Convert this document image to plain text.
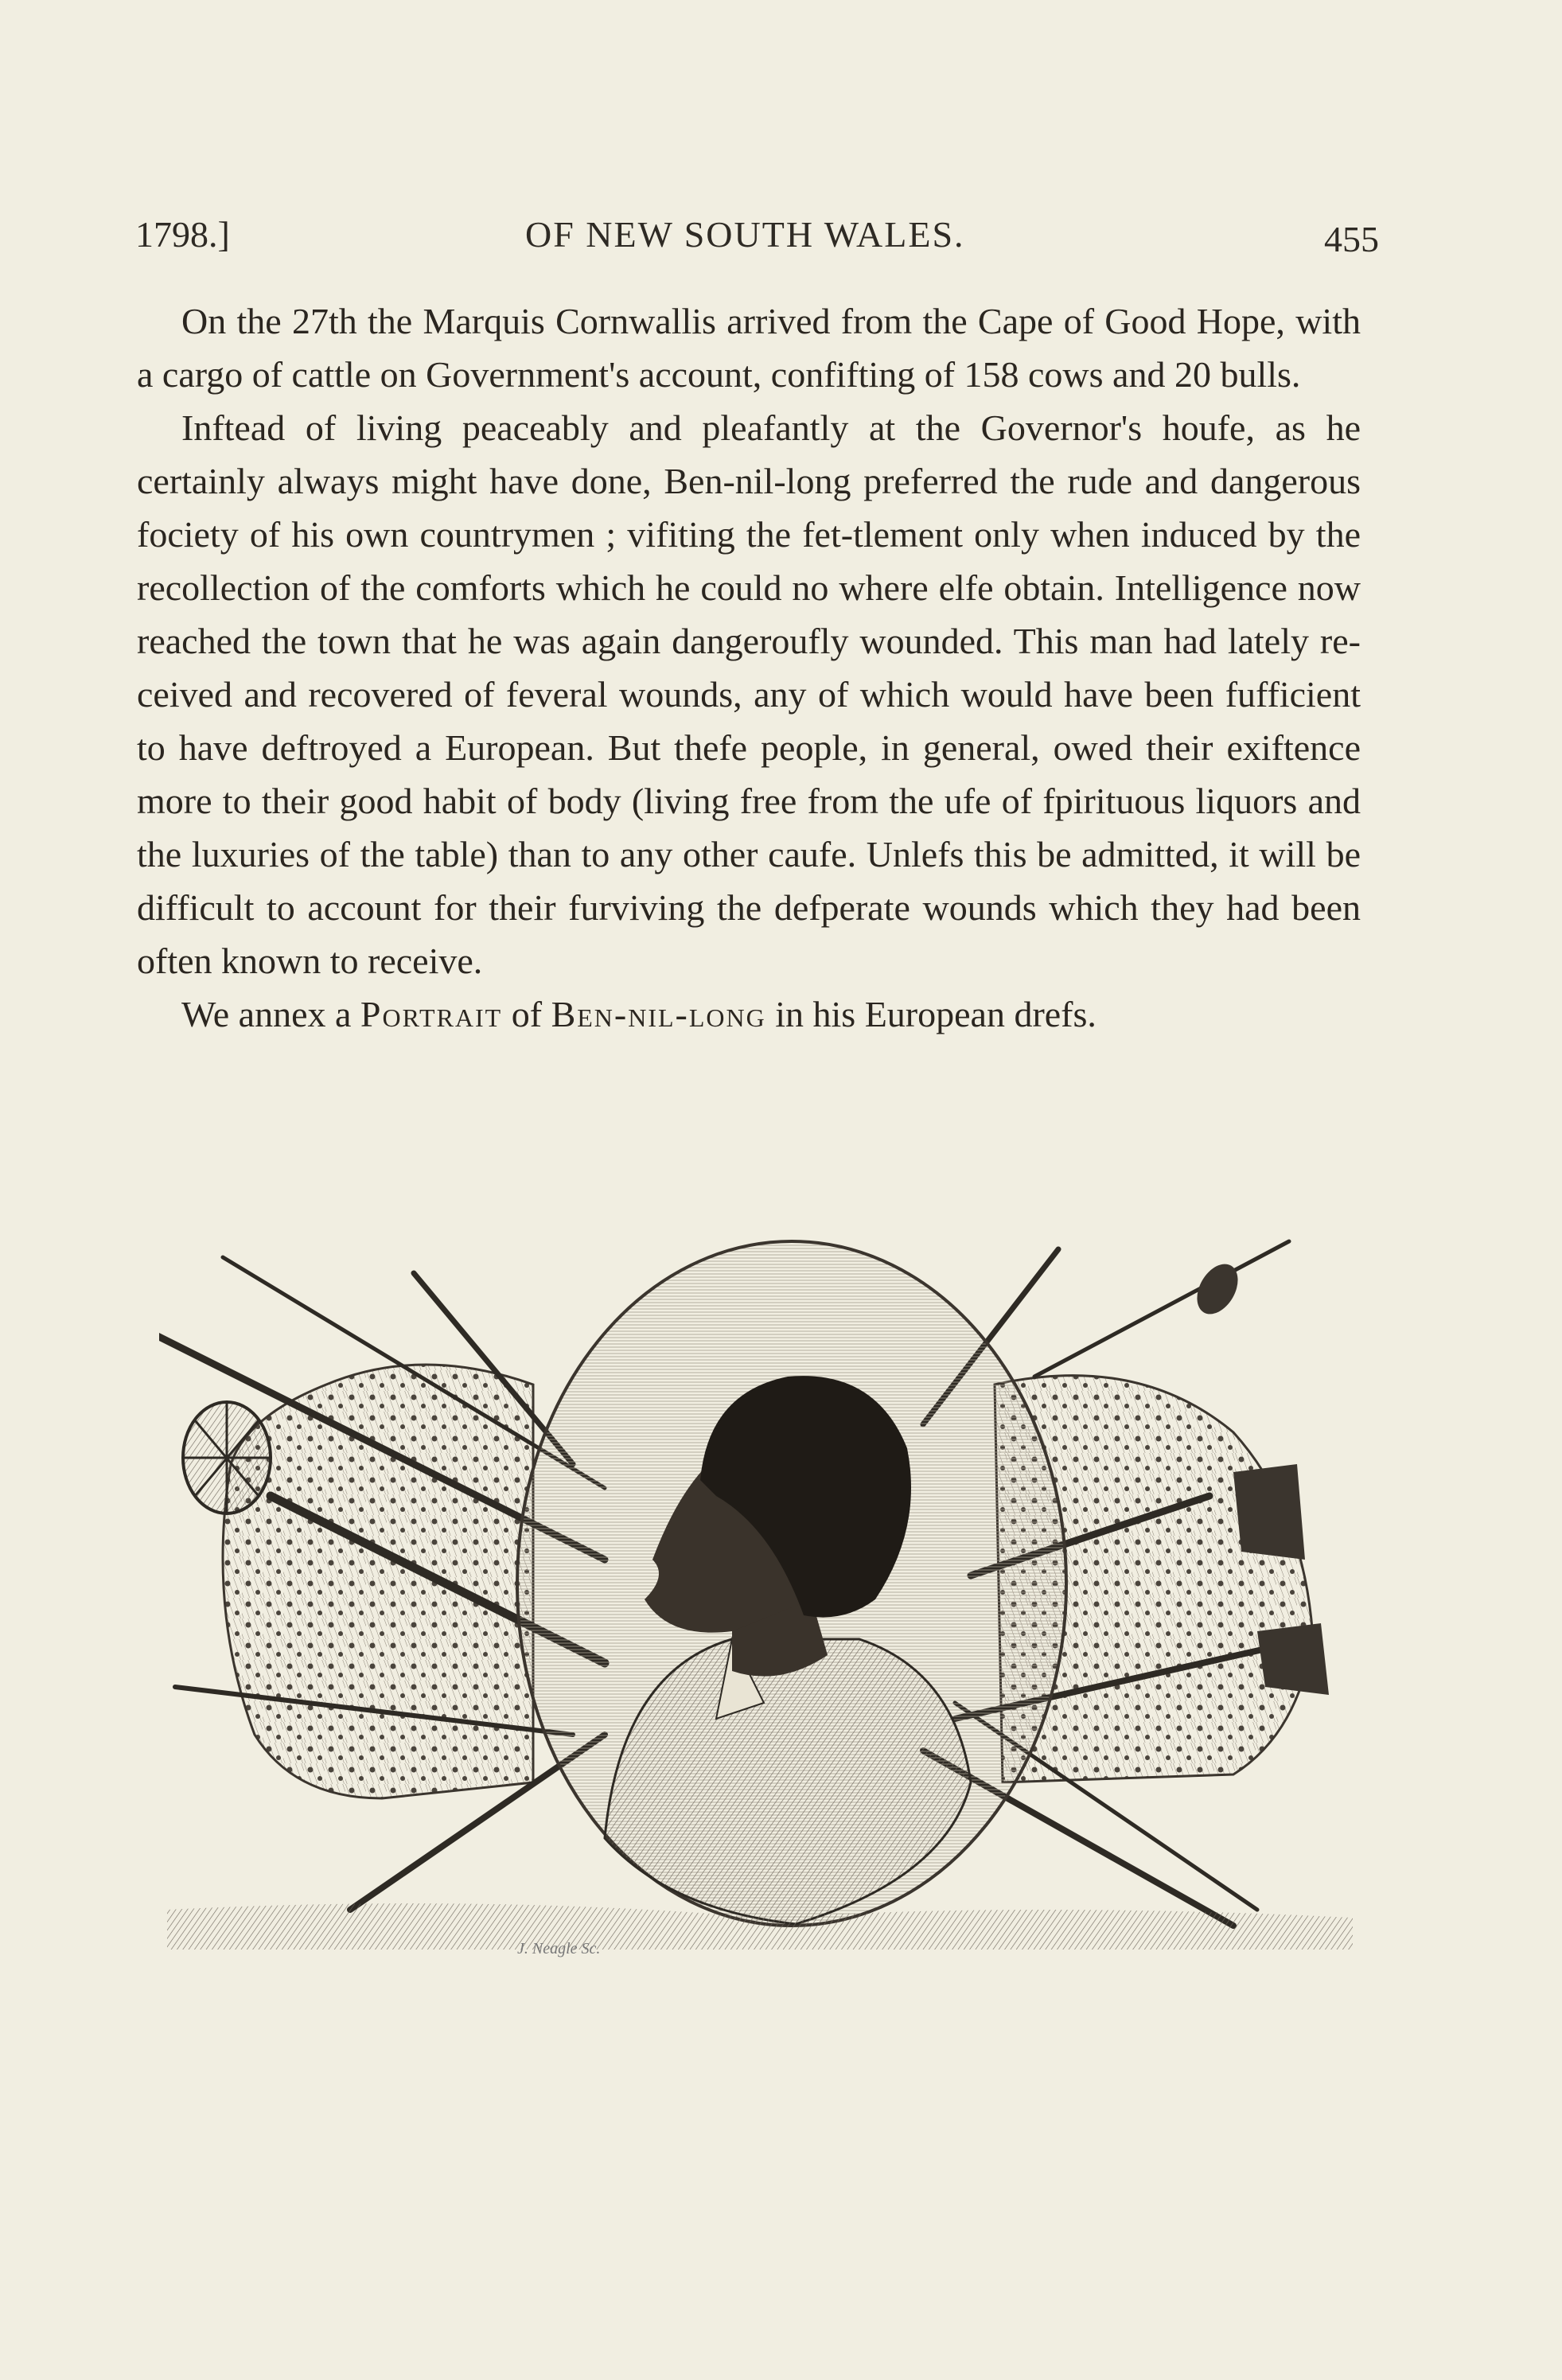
1798.]	OF NEW SOUTH WALES.	455

On the 27th the Marquis Cornwallis arrived from the Cape of Good Hope, with a cargo of cattle on Government's account, confifting of 158 cows and 20 bulls.

Inftead of living peaceably and pleafantly at the Governor's houfe, as he certainly always might have done, Ben-nil-long preferred the rude and dangerous fociety of his own countrymen ; vifiting the fet-tlement only when induced by the recollection of the comforts which he could no where elfe obtain. Intelligence now reached the town that he was again dangeroufly wounded. This man had lately re-ceived and recovered of feveral wounds, any of which would have been fufficient to have deftroyed a European. But thefe people, in general, owed their exiftence more to their good habit of body (living free from the ufe of fpirituous liquors and the luxuries of the table) than to any other caufe. Unlefs this be admitted, it will be difficult to account for their furviving the defperate wounds which they had been often known to receive.

We annex a Portrait of Ben-nil-long in his European drefs.

J. Neagle Sc.
